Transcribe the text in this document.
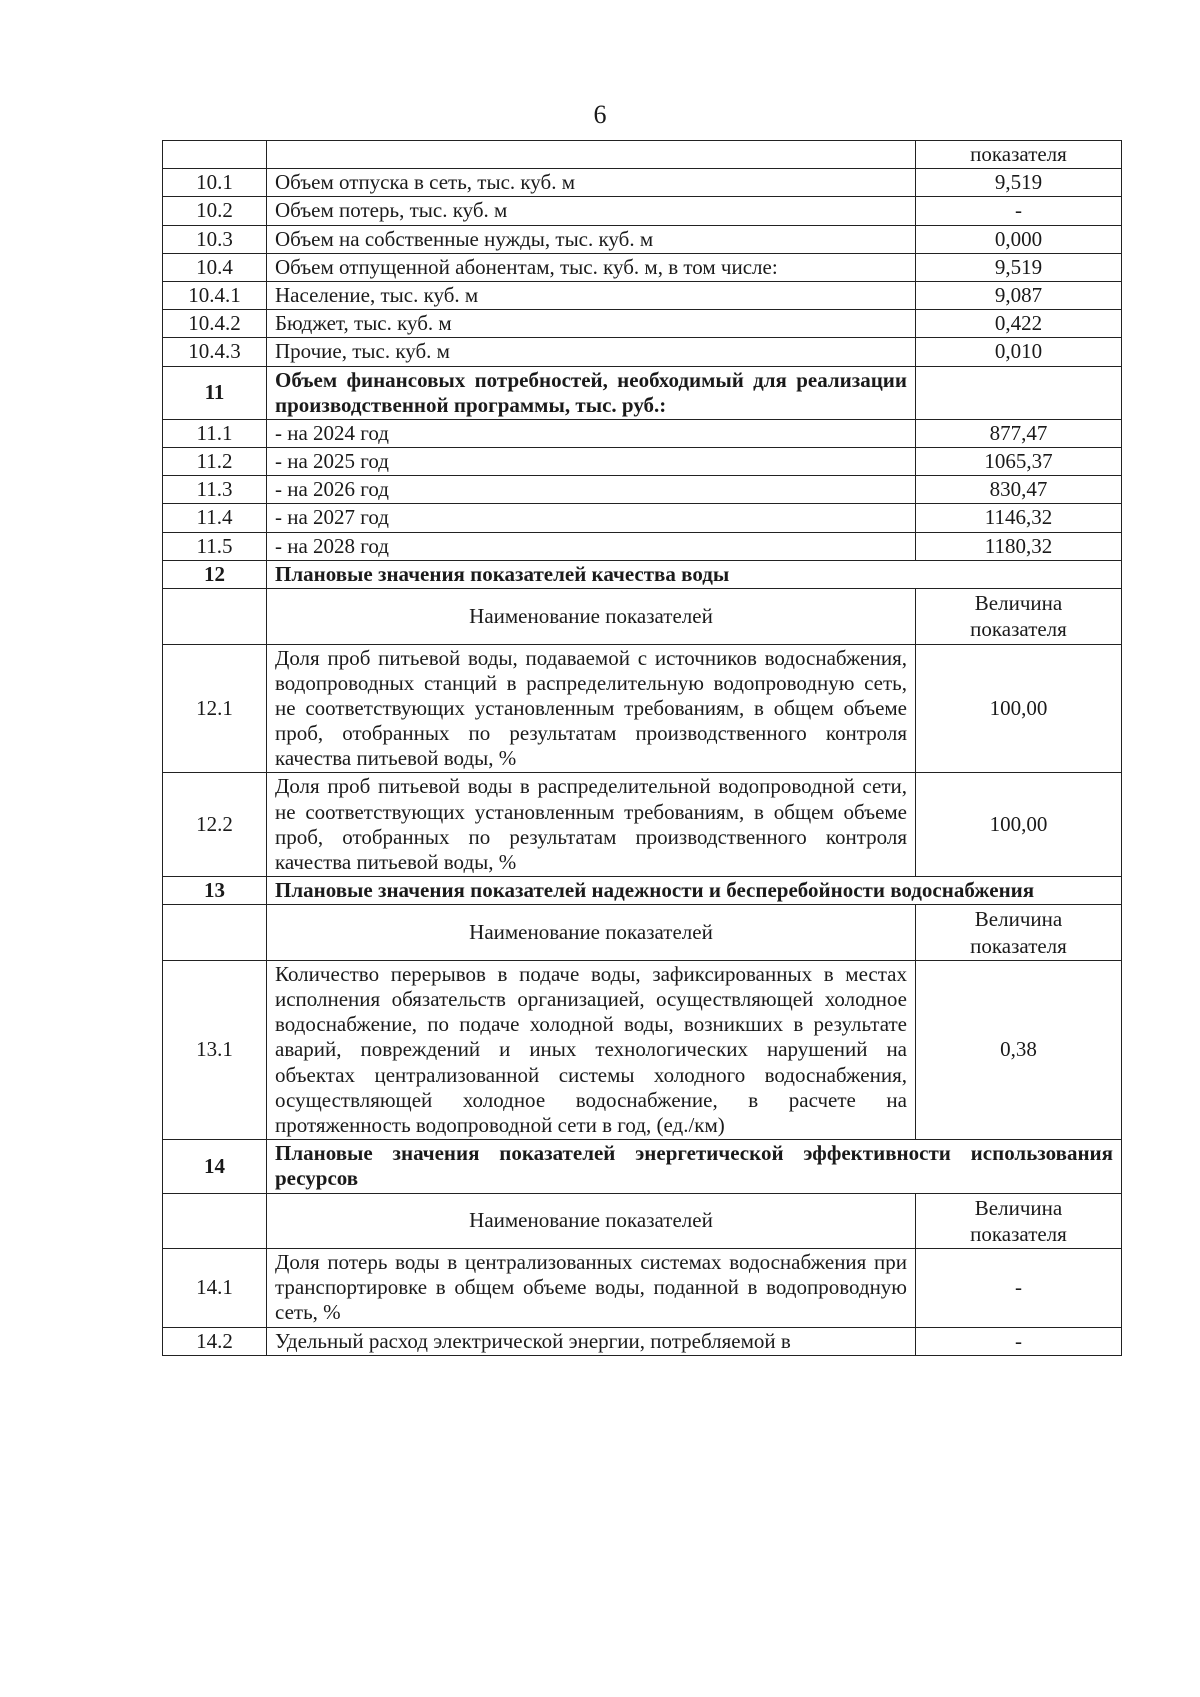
6
		показателя
10.1	Объем отпуска в сеть, тыс. куб. м	9,519
10.2	Объем потерь, тыс. куб. м	-
10.3	Объем на собственные нужды, тыс. куб. м	0,000
10.4	Объем отпущенной абонентам, тыс. куб. м, в том числе:	9,519
10.4.1	Население, тыс. куб. м	9,087
10.4.2	Бюджет, тыс. куб. м	0,422
10.4.3	Прочие, тыс. куб. м	0,010
11	Объем финансовых потребностей, необходимый для реализации производственной программы, тыс. руб.:	
11.1	- на 2024 год	877,47
11.2	- на 2025 год	1065,37
11.3	- на 2026 год	830,47
11.4	- на 2027 год	1146,32
11.5	- на 2028 год	1180,32
12	Плановые значения показателей качества воды	
	Наименование показателей	Величина показателя
12.1	Доля проб питьевой воды, подаваемой с источников водоснабжения, водопроводных станций в распределительную водопроводную сеть, не соответствующих установленным требованиям, в общем объеме проб, отобранных по результатам производственного контроля качества питьевой воды, %	100,00
12.2	Доля проб питьевой воды в распределительной водопроводной сети, не соответствующих установленным требованиям, в общем объеме проб, отобранных по результатам производственного контроля качества питьевой воды, %	100,00
13	Плановые значения показателей надежности и бесперебойности водоснабжения	
	Наименование показателей	Величина показателя
13.1	Количество перерывов в подаче воды, зафиксированных в местах исполнения обязательств организацией, осуществляющей холодное водоснабжение, по подаче холодной воды, возникших в результате аварий, повреждений и иных технологических нарушений на объектах централизованной системы холодного водоснабжения, осуществляющей холодное водоснабжение, в расчете на протяженность водопроводной сети в год, (ед./км)	0,38
14	Плановые значения показателей энергетической эффективности использования ресурсов	
	Наименование показателей	Величина показателя
14.1	Доля потерь воды в централизованных системах водоснабжения при транспортировке в общем объеме воды, поданной в водопроводную сеть, %	-
14.2	Удельный расход электрической энергии, потребляемой в	-
